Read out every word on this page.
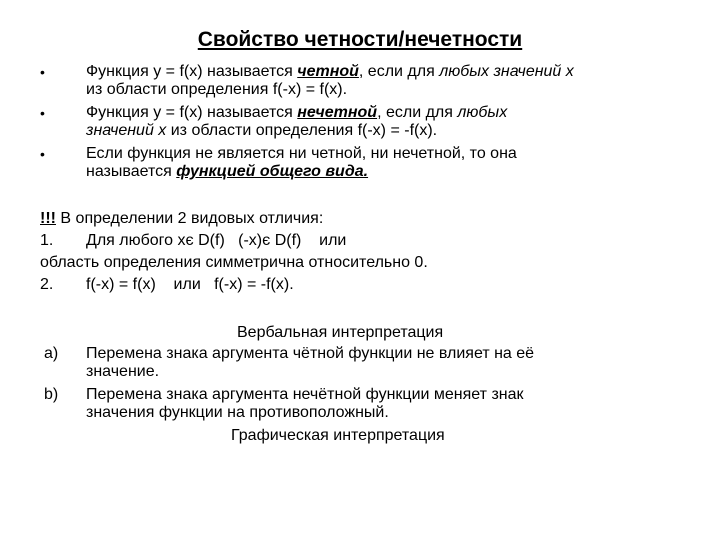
Свойство четности/нечетности
•	Функция у = f(x) называется четной, если для любых значений х
из области определения f(-x) = f(x).
•	Функция у = f(x) называется нечетной, если для любых
значений х из области определения f(-x) = -f(x).
•	Если функция не является ни четной, ни нечетной, то она
называется функцией общего вида.
!!! В определении 2 видовых отличия:
1. Для любого хє D(f)   (-х)є D(f)    или
область определения симметрична относительно 0.
2. f(-x) = f(x)    или   f(-x) = -f(x).
Вербальная интерпретация
a) Перемена знака аргумента чётной функции не влияет на её
значение.
b) Перемена знака аргумента нечётной функции меняет знак
значения функции на противоположный.
Графическая интерпретация
